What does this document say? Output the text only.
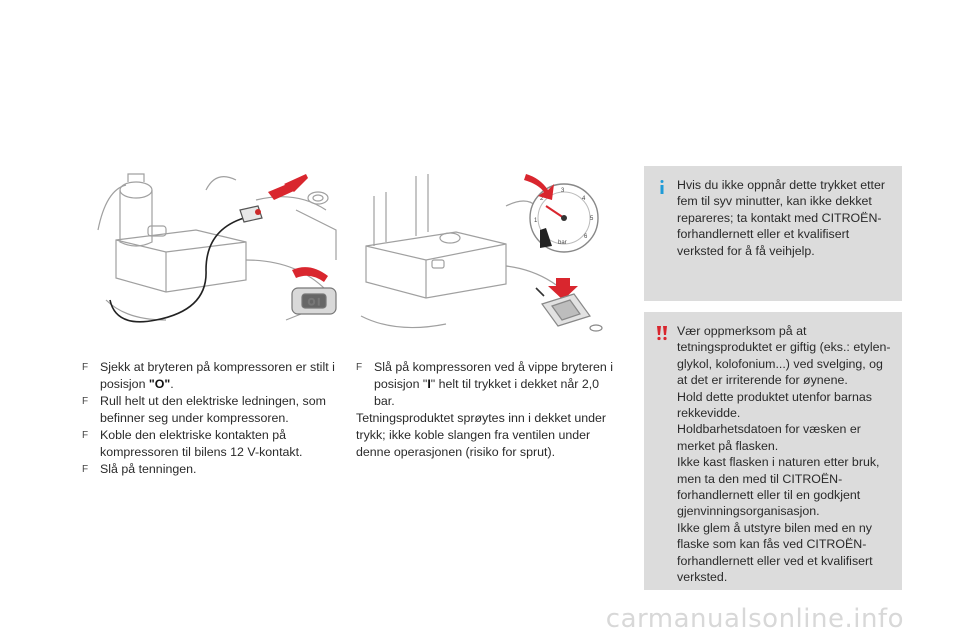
O I
1
2
3
4
5
6
bar
F Sjekk at bryteren på kompressoren er stilt i posisjon "O".
F Rull helt ut den elektriske ledningen, som befinner seg under kompressoren.
F Koble den elektriske kontakten på kompressoren til bilens 12 V-kontakt.
F Slå på tenningen.
F Slå på kompressoren ved å vippe bryteren i posisjon "I" helt til trykket i dekket når 2,0 bar.
Tetningsproduktet sprøytes inn i dekket under trykk; ikke koble slangen fra ventilen under denne operasjonen (risiko for sprut).
Hvis du ikke oppnår dette trykket etter fem til syv minutter, kan ikke dekket repareres; ta kontakt med CITROËN-forhandlernett eller et kvalifisert verksted for å få veihjelp.
Vær oppmerksom på at tetningsproduktet er giftig (eks.: etylen-glykol, kolofonium...) ved svelging, og at det er irriterende for øynene.
Hold dette produktet utenfor barnas rekkevidde.
Holdbarhetsdatoen for væsken er merket på flasken.
Ikke kast flasken i naturen etter bruk, men ta den med til CITROËN-forhandlernett eller til en godkjent gjenvinningsorganisasjon.
Ikke glem å utstyre bilen med en ny flaske som kan fås ved CITROËN-forhandlernett eller ved et kvalifisert verksted.
carmanualsonline.info
